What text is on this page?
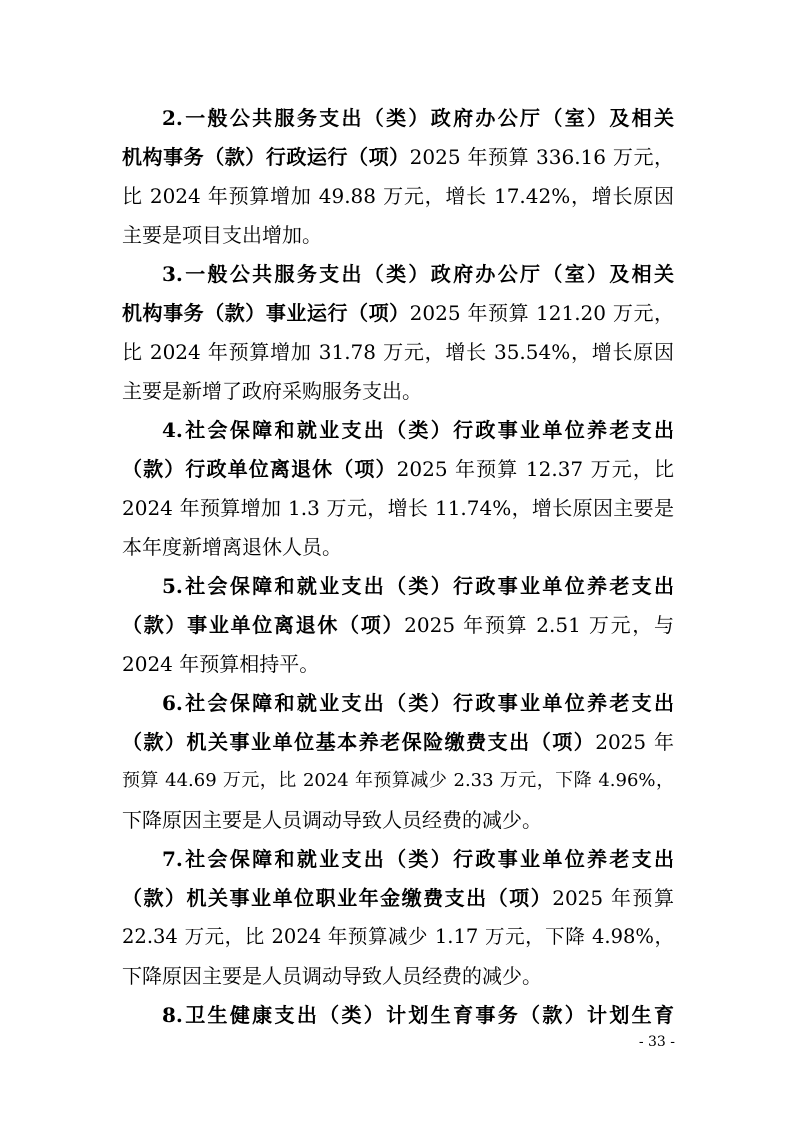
2.一般公共服务支出（类）政府办公厅（室）及相关
机构事务（款）行政运行（项）2025 年预算 336.16 万元，
比 2024 年预算增加 49.88 万元，增长 17.42%，增长原因
主要是项目支出增加。
3.一般公共服务支出（类）政府办公厅（室）及相关
机构事务（款）事业运行（项）2025 年预算 121.20 万元，
比 2024 年预算增加 31.78 万元，增长 35.54%，增长原因
主要是新增了政府采购服务支出。
4.社会保障和就业支出（类）行政事业单位养老支出
（款）行政单位离退休（项）2025 年预算 12.37 万元，比
2024 年预算增加 1.3 万元，增长 11.74%，增长原因主要是
本年度新增离退休人员。
5.社会保障和就业支出（类）行政事业单位养老支出
（款）事业单位离退休（项）2025 年预算 2.51 万元，与
2024 年预算相持平。
6.社会保障和就业支出（类）行政事业单位养老支出
（款）机关事业单位基本养老保险缴费支出（项）2025 年
预算 44.69 万元，比 2024 年预算减少 2.33 万元，下降 4.96%，
下降原因主要是人员调动导致人员经费的减少。
7.社会保障和就业支出（类）行政事业单位养老支出
（款）机关事业单位职业年金缴费支出（项）2025 年预算
22.34 万元，比 2024 年预算减少 1.17 万元，下降 4.98%，
下降原因主要是人员调动导致人员经费的减少。
8.卫生健康支出（类）计划生育事务（款）计划生育
- 33 -
